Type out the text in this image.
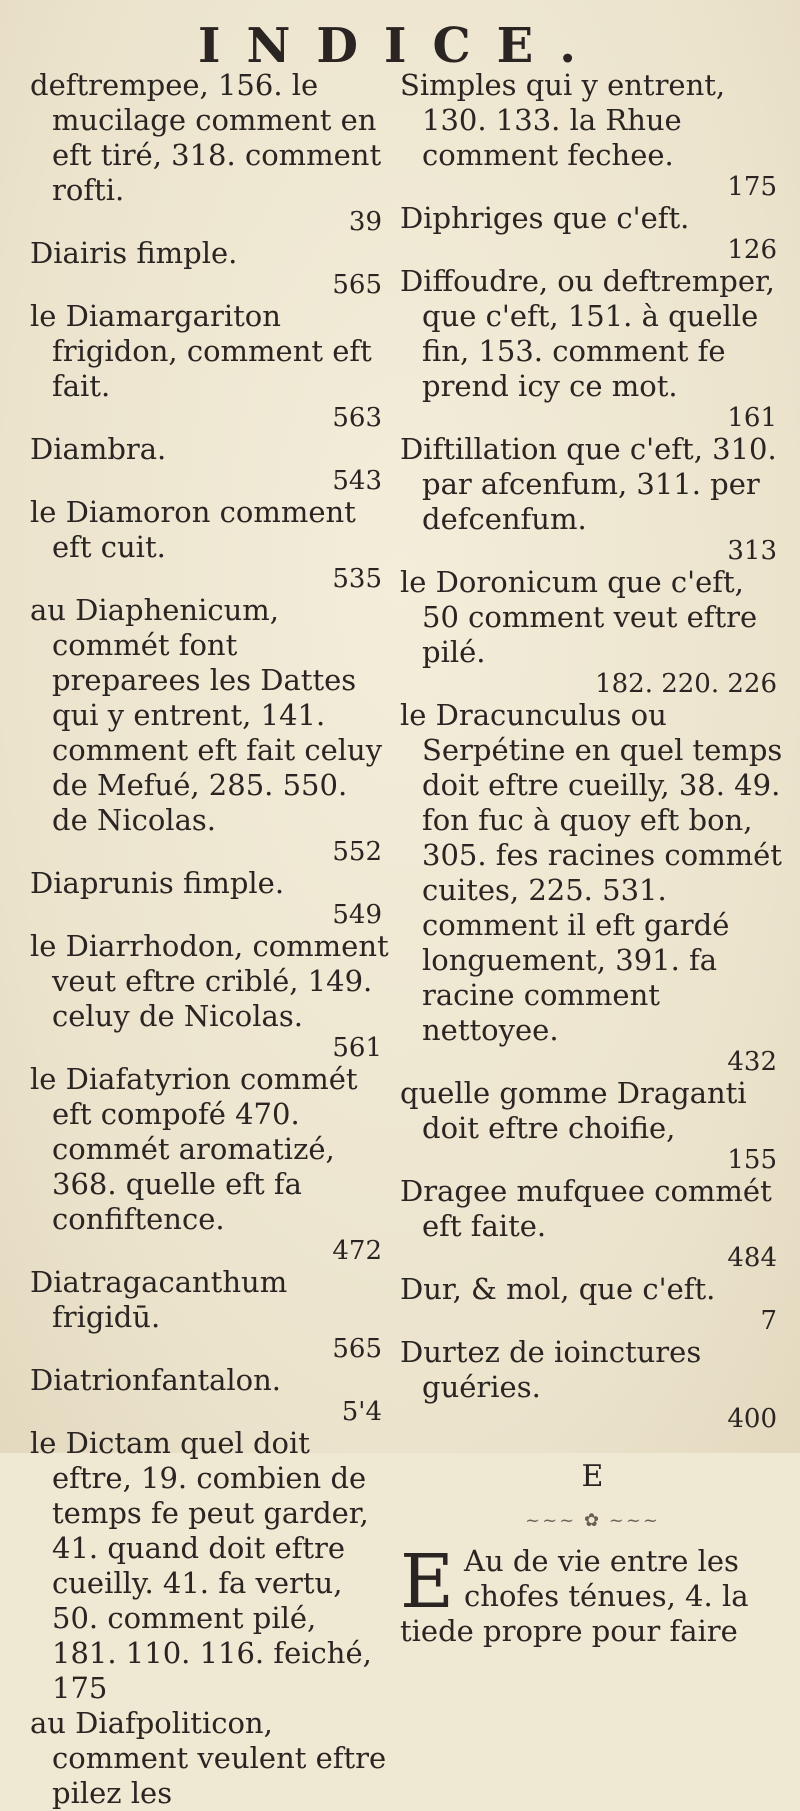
INDICE.
deftrempee, 156. le mucilage comment en eft tiré, 318. comment rofti.
39
Diairis fimple.
565
le Diamargariton frigidon, comment eft fait.
563
Diambra.
543
le Diamoron comment eft cuit.
535
au Diaphenicum, commét font preparees les Dattes qui y entrent, 141. comment eft fait celuy de Mefué, 285. 550. de Nicolas.
552
Diaprunis fimple.
549
le Diarrhodon, comment veut eftre criblé, 149. celuy de Nicolas.
561
le Diafatyrion commét eft compofé 470. commét aromatizé, 368. quelle eft fa confiftence.
472
Diatragacanthum frigidū.
565
Diatrionfantalon.
5'4
le Dictam quel doit eftre, 19. combien de temps fe peut garder, 41. quand doit eftre cueilly. 41. fa vertu, 50. comment pilé, 181. 110. 116. feiché, 175
au Diafpoliticon, comment veulent eftre pilez les
Simples qui y entrent, 130. 133. la Rhue comment fechee.
175
Diphriges que c'eft.
126
Diffoudre, ou deftremper, que c'eft, 151. à quelle fin, 153. comment fe prend icy ce mot.
161
Diftillation que c'eft, 310. par afcenfum, 311. per defcenfum.
313
le Doronicum que c'eft, 50 comment veut eftre pilé.
182. 220. 226
le Dracunculus ou Serpétine en quel temps doit eftre cueilly, 38. 49. fon fuc à quoy eft bon, 305. fes racines commét cuites, 225. 531. comment il eft gardé longuement, 391. fa racine comment nettoyee.
432
quelle gomme Draganti doit eftre choifie,
155
Dragee mufquee commét eft faite.
484
Dur, & mol, que c'eft.
7
Durtez de ioinctures guéries.
400
E
~~~ ✿ ~~~
E Au de vie entre les chofes ténues, 4. la tiede propre pour faire
